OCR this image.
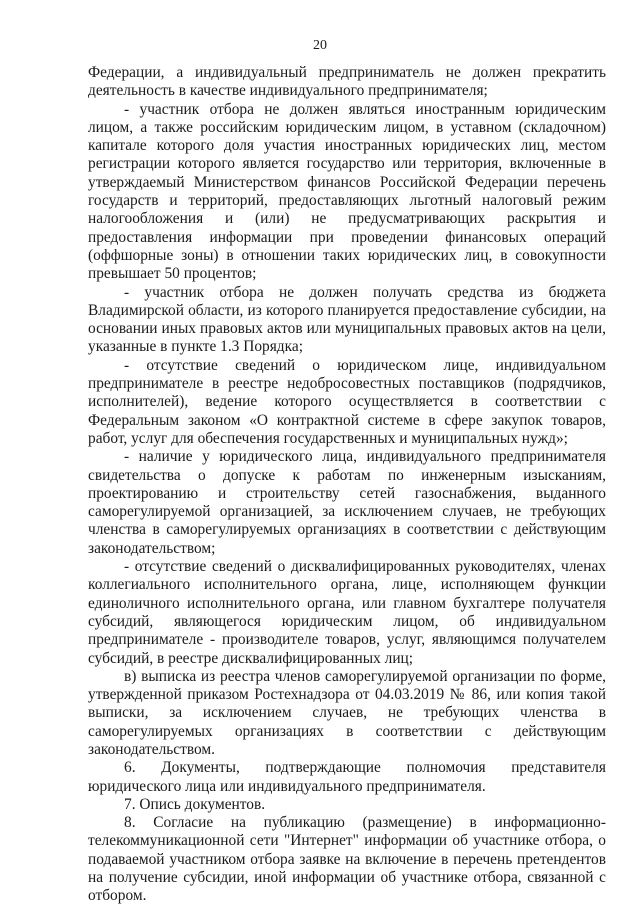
20

Федерации, а индивидуальный предприниматель не должен прекратить деятельность в качестве индивидуального предпринимателя;

- участник отбора не должен являться иностранным юридическим лицом, а также российским юридическим лицом, в уставном (складочном) капитале которого доля участия иностранных юридических лиц, местом регистрации которого является государство или территория, включенные в утверждаемый Министерством финансов Российской Федерации перечень государств и территорий, предоставляющих льготный налоговый режим налогообложения и (или) не предусматривающих раскрытия и предоставления информации при проведении финансовых операций (оффшорные зоны) в отношении таких юридических лиц, в совокупности превышает 50 процентов;

- участник отбора не должен получать средства из бюджета Владимирской области, из которого планируется предоставление субсидии, на основании иных правовых актов или муниципальных правовых актов на цели, указанные в пункте 1.3 Порядка;

- отсутствие сведений о юридическом лице, индивидуальном предпринимателе в реестре недобросовестных поставщиков (подрядчиков, исполнителей), ведение которого осуществляется в соответствии с Федеральным законом «О контрактной системе в сфере закупок товаров, работ, услуг для обеспечения государственных и муниципальных нужд»;

- наличие у юридического лица, индивидуального предпринимателя свидетельства о допуске к работам по инженерным изысканиям, проектированию и строительству сетей газоснабжения, выданного саморегулируемой организацией, за исключением случаев, не требующих членства в саморегулируемых организациях в соответствии с действующим законодательством;

- отсутствие сведений о дисквалифицированных руководителях, членах коллегиального исполнительного органа, лице, исполняющем функции единоличного исполнительного органа, или главном бухгалтере получателя субсидий, являющегося юридическим лицом, об индивидуальном предпринимателе - производителе товаров, услуг, являющимся получателем субсидий, в реестре дисквалифицированных лиц;

в) выписка из реестра членов саморегулируемой организации по форме, утвержденной приказом Ростехнадзора от 04.03.2019 № 86, или копия такой выписки, за исключением случаев, не требующих членства в саморегулируемых организациях в соответствии с действующим законодательством.

6. Документы, подтверждающие полномочия представителя юридического лица или индивидуального предпринимателя.

7. Опись документов.

8. Согласие на публикацию (размещение) в информационно-телекоммуникационной сети "Интернет" информации об участнике отбора, о подаваемой участником отбора заявке на включение в перечень претендентов на получение субсидии, иной информации об участнике отбора, связанной с отбором.
